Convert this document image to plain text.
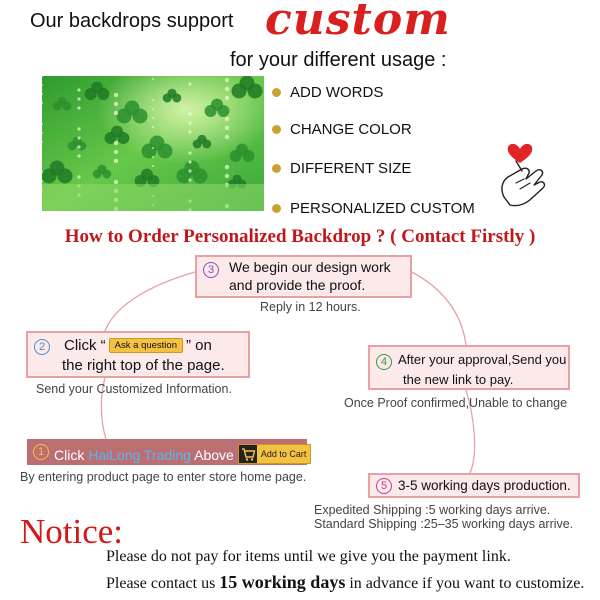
Our backdrops support custom
for your different usage :
ADD WORDS
CHANGE COLOR
DIFFERENT SIZE
PERSONALIZED CUSTOM
How to Order Personalized Backdrop ? ( Contact Firstly )
3	We begin our design work
and provide the proof.
Reply in 12 hours.
2	Click “ Ask a question ” on
the right top of the page.
Send your Customized Information.
4 After your approval,Send you
the new link to pay.
Once Proof confirmed,Unable to change
1 Click HaiLong Trading Above	Add to Cart
By entering product page to enter store home page.
5 3-5 working days production.
Expedited Shipping :5 working days arrive.
Standard Shipping :25–35 working days arrive.
Notice:
Please do not pay for items until we give you the payment link.
Please contact us 15 working days in advance if you want to customize.
